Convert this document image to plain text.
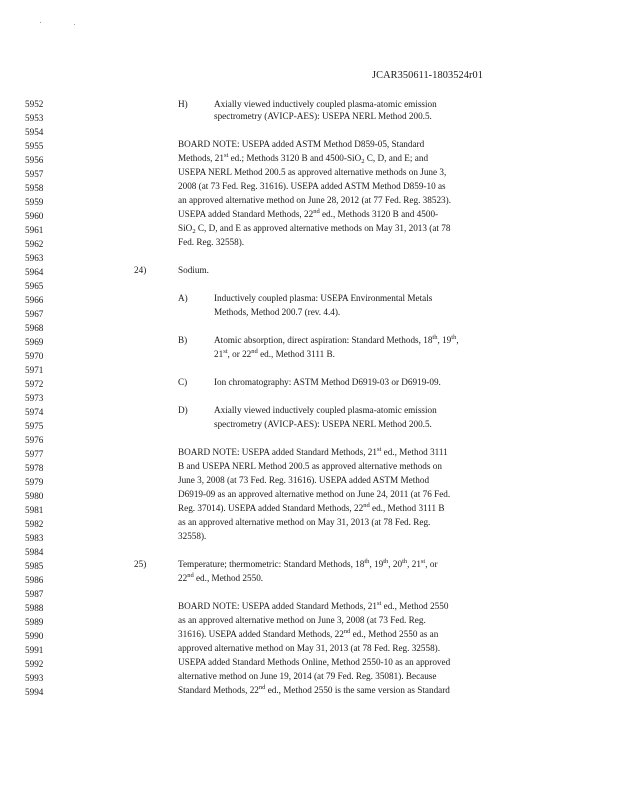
JCAR350611-1803524r01
5952
5953
5954
5955
5956
5957
5958
5959
5960
5961
5962
5963
5964
5965
5966
5967
5968
5969
5970
5971
5972
5973
5974
5975
5976
5977
5978
5979
5980
5981
5982
5983
5984
5985
5986
5987
5988
5989
5990
5991
5992
5993
5994
H)	Axially viewed inductively coupled plasma-atomic emission
spectrometry (AVICP-AES): USEPA NERL Method 200.5.
BOARD NOTE: USEPA added ASTM Method D859-05, Standard
Methods, 21st ed.; Methods 3120 B and 4500-SiO$_2$ C, D, and E; and
USEPA NERL Method 200.5 as approved alternative methods on June 3,
2008 (at 73 Fed. Reg. 31616). USEPA added ASTM Method D859-10 as
an approved alternative method on June 28, 2012 (at 77 Fed. Reg. 38523).
USEPA added Standard Methods, 22nd ed., Methods 3120 B and 4500-
SiO$_2$ C, D, and E as approved alternative methods on May 31, 2013 (at 78
Fed. Reg. 32558).
24)	Sodium.
A)	Inductively coupled plasma: USEPA Environmental Metals
Methods, Method 200.7 (rev. 4.4).
B)	Atomic absorption, direct aspiration: Standard Methods, 18th, 19th,
21st, or 22nd ed., Method 3111 B.
C)	Ion chromatography: ASTM Method D6919-03 or D6919-09.
D)	Axially viewed inductively coupled plasma-atomic emission
spectrometry (AVICP-AES): USEPA NERL Method 200.5.
BOARD NOTE: USEPA added Standard Methods, 21st ed., Method 3111
B and USEPA NERL Method 200.5 as approved alternative methods on
June 3, 2008 (at 73 Fed. Reg. 31616). USEPA added ASTM Method
D6919-09 as an approved alternative method on June 24, 2011 (at 76 Fed.
Reg. 37014). USEPA added Standard Methods, 22nd ed., Method 3111 B
as an approved alternative method on May 31, 2013 (at 78 Fed. Reg.
32558).
25)	Temperature; thermometric: Standard Methods, 18th, 19th, 20th, 21st, or
22nd ed., Method 2550.
BOARD NOTE: USEPA added Standard Methods, 21st ed., Method 2550
as an approved alternative method on June 3, 2008 (at 73 Fed. Reg.
31616). USEPA added Standard Methods, 22nd ed., Method 2550 as an
approved alternative method on May 31, 2013 (at 78 Fed. Reg. 32558).
USEPA added Standard Methods Online, Method 2550-10 as an approved
alternative method on June 19, 2014 (at 79 Fed. Reg. 35081). Because
Standard Methods, 22nd ed., Method 2550 is the same version as Standard
